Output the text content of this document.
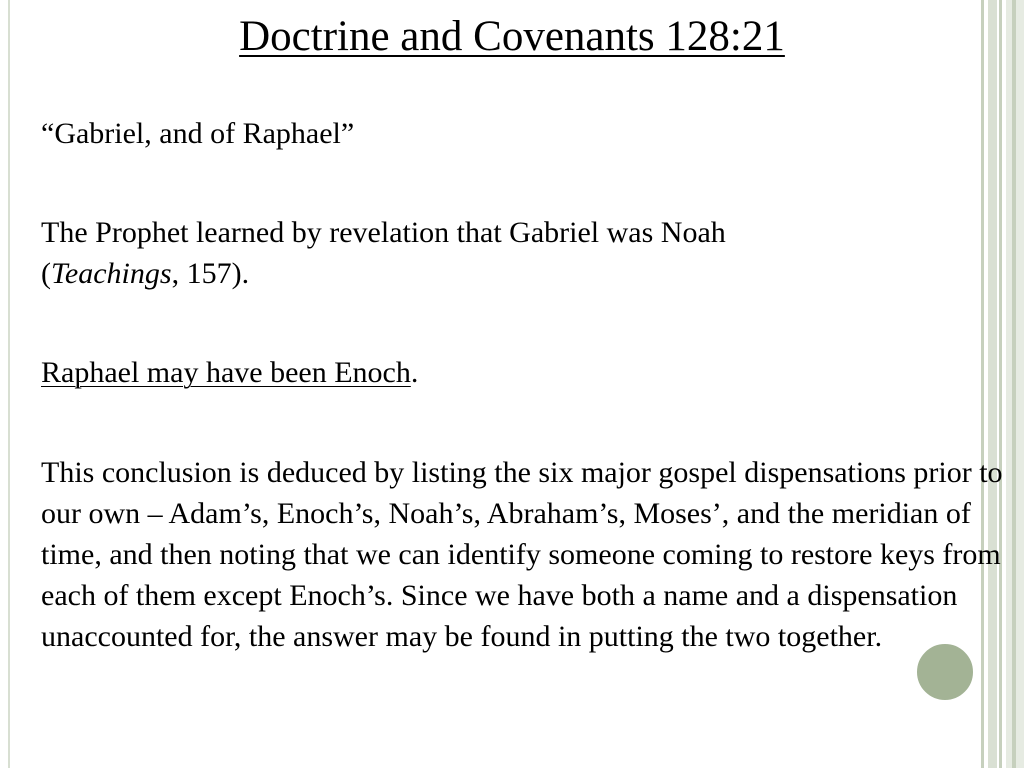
Doctrine and Covenants 128:21

“Gabriel, and of Raphael”

The Prophet learned by revelation that Gabriel was Noah
(Teachings, 157).

Raphael may have been Enoch.

This conclusion is deduced by listing the six major gospel dispensations prior to our own – Adam’s, Enoch’s, Noah’s, Abraham’s, Moses’, and the meridian of time, and then noting that we can identify someone coming to restore keys from each of them except Enoch’s. Since we have both a name and a dispensation unaccounted for, the answer may be found in putting the two together.
